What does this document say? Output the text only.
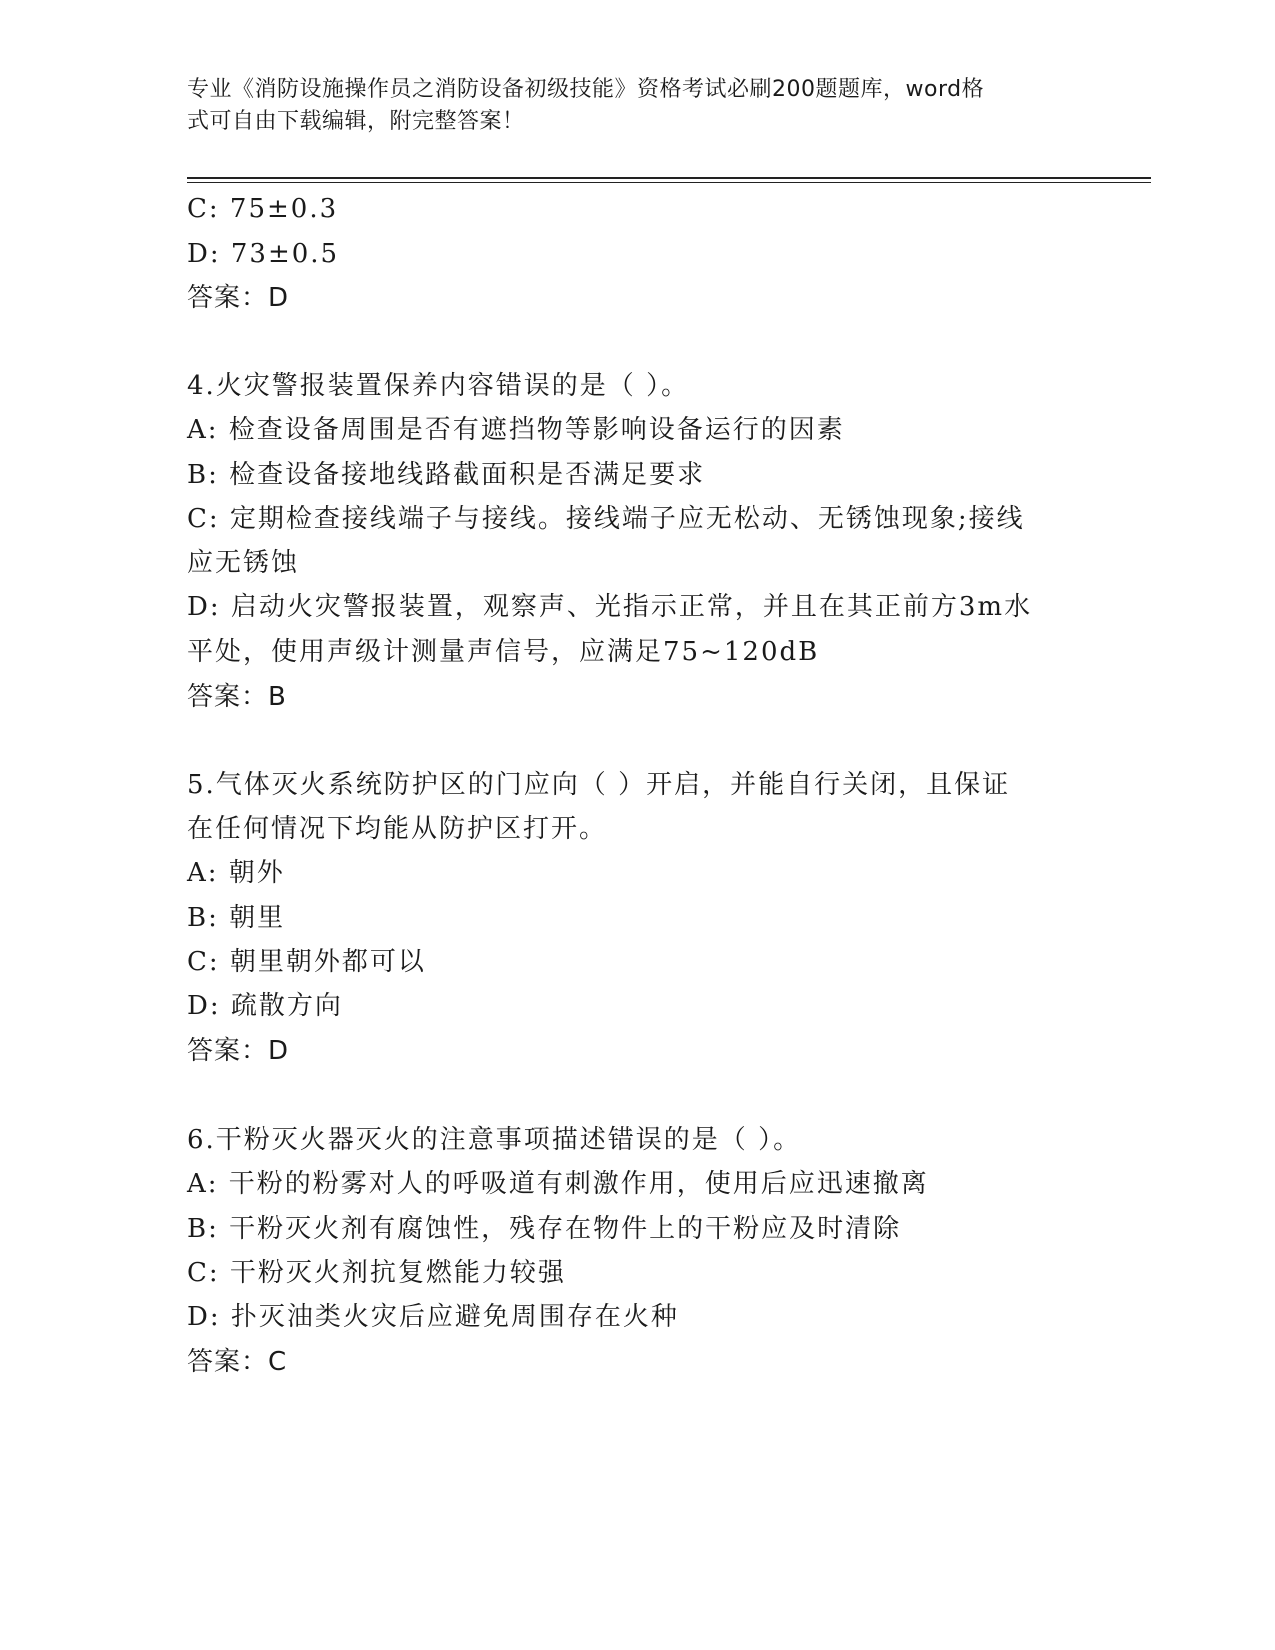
专业《消防设施操作员之消防设备初级技能》资格考试必刷200题题库，word格
式可自由下载编辑，附完整答案！
C: 75±0.3
D: 73±0.5
答案：D
4.火灾警报装置保养内容错误的是（ ）。
A: 检查设备周围是否有遮挡物等影响设备运行的因素
B: 检查设备接地线路截面积是否满足要求
C: 定期检查接线端子与接线。接线端子应无松动、无锈蚀现象;接线
应无锈蚀
D: 启动火灾警报装置，观察声、光指示正常，并且在其正前方3m水
平处，使用声级计测量声信号，应满足75~120dB
答案：B
5.气体灭火系统防护区的门应向（ ）开启，并能自行关闭，且保证
在任何情况下均能从防护区打开。
A: 朝外
B: 朝里
C: 朝里朝外都可以
D: 疏散方向
答案：D
6.干粉灭火器灭火的注意事项描述错误的是（ ）。
A: 干粉的粉雾对人的呼吸道有刺激作用，使用后应迅速撤离
B: 干粉灭火剂有腐蚀性，残存在物件上的干粉应及时清除
C: 干粉灭火剂抗复燃能力较强
D: 扑灭油类火灾后应避免周围存在火种
答案：C
